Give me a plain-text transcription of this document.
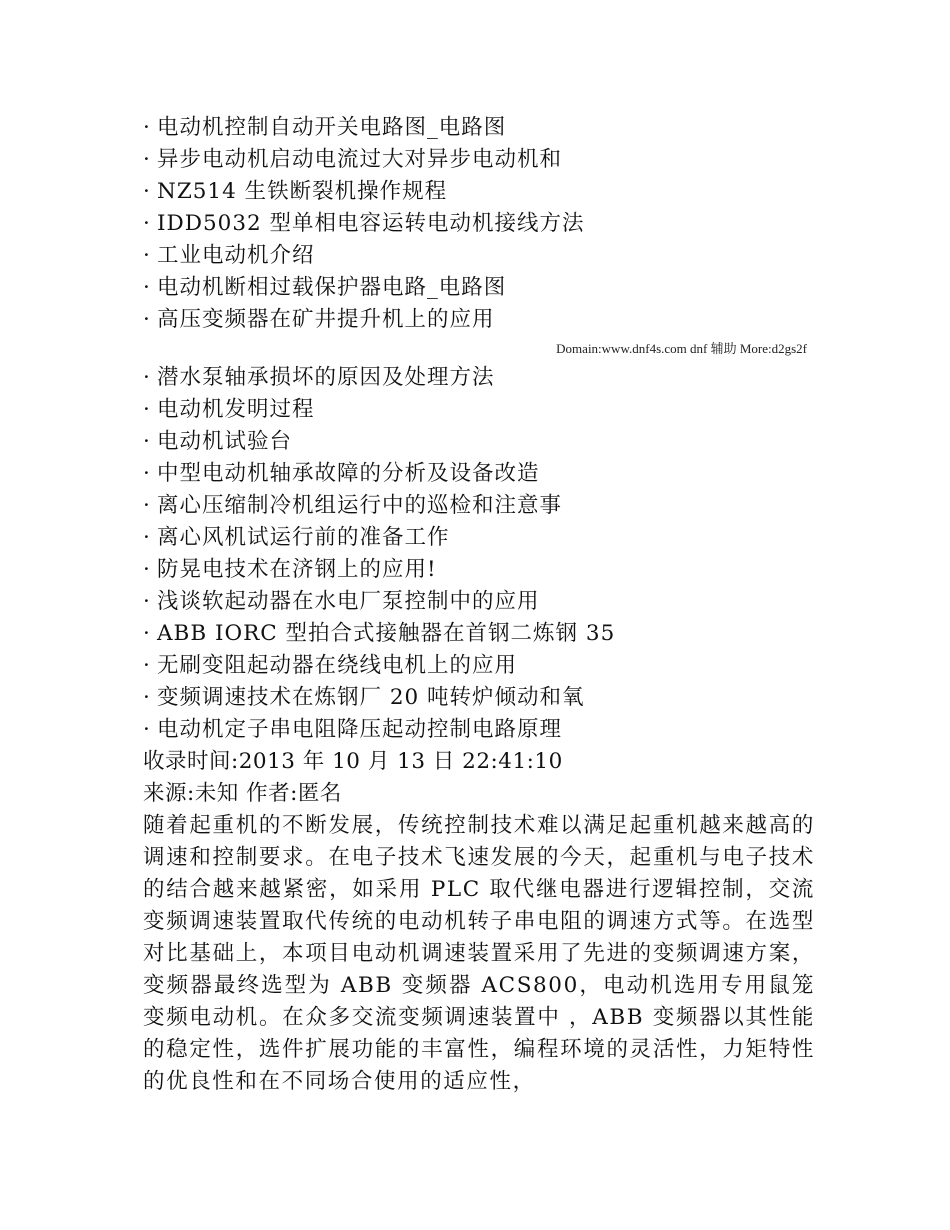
· 电动机控制自动开关电路图_电路图
· 异步电动机启动电流过大对异步电动机和
· NZ514 生铁断裂机操作规程
· IDD5032 型单相电容运转电动机接线方法
· 工业电动机介绍
· 电动机断相过载保护器电路_电路图
· 高压变频器在矿井提升机上的应用
Domain:www.dnf4s.com dnf 辅助 More:d2gs2f
· 潜水泵轴承损坏的原因及处理方法
· 电动机发明过程
· 电动机试验台
· 中型电动机轴承故障的分析及设备改造
· 离心压缩制冷机组运行中的巡检和注意事
· 离心风机试运行前的准备工作
· 防晃电技术在济钢上的应用!
· 浅谈软起动器在水电厂泵控制中的应用
· ABB IORC 型拍合式接触器在首钢二炼钢 35
· 无刷变阻起动器在绕线电机上的应用
· 变频调速技术在炼钢厂 20 吨转炉倾动和氧
· 电动机定子串电阻降压起动控制电路原理
收录时间:2013 年 10 月 13 日 22:41:10
来源:未知 作者:匿名

随着起重机的不断发展，传统控制技术难以满足起重机越来越高的调速和控制要求。在电子技术飞速发展的今天，起重机与电子技术的结合越来越紧密，如采用 PLC 取代继电器进行逻辑控制，交流变频调速装置取代传统的电动机转子串电阻的调速方式等。在选型对比基础上，本项目电动机调速装置采用了先进的变频调速方案，变频器最终选型为 ABB 变频器 ACS800，电动机选用专用鼠笼变频电动机。在众多交流变频调速装置中 ，ABB 变频器以其性能的稳定性，选件扩展功能的丰富性，编程环境的灵活性，力矩特性的优良性和在不同场合使用的适应性，
